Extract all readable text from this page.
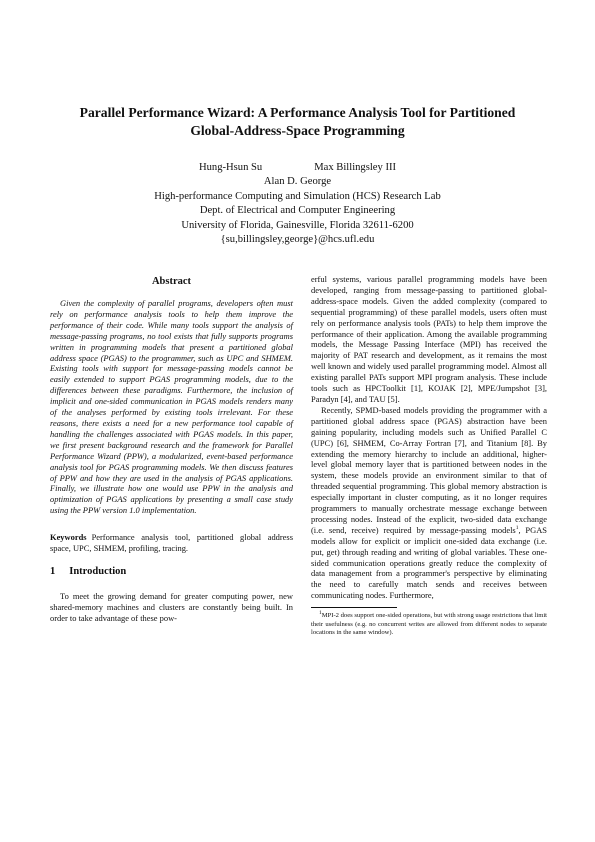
Parallel Performance Wizard: A Performance Analysis Tool for Partitioned
Global-Address-Space Programming
Hung-Hsun Su	Max Billingsley III
Alan D. George
High-performance Computing and Simulation (HCS) Research Lab
Dept. of Electrical and Computer Engineering
University of Florida, Gainesville, Florida 32611-6200
{su,billingsley,george}@hcs.ufl.edu
Abstract

Given the complexity of parallel programs, developers often must rely on performance analysis tools to help them improve the performance of their code. While many tools support the analysis of message-passing programs, no tool exists that fully supports programs written in programming models that present a partitioned global address space (PGAS) to the programmer, such as UPC and SHMEM. Existing tools with support for message-passing models cannot be easily extended to support PGAS programming models, due to the differences between these paradigms. Furthermore, the inclusion of implicit and one-sided communication in PGAS models renders many of the analyses performed by existing tools irrelevant. For these reasons, there exists a need for a new performance tool capable of handling the challenges associated with PGAS models. In this paper, we first present background research and the framework for Parallel Performance Wizard (PPW), a modularized, event-based performance analysis tool for PGAS programming models. We then discuss features of PPW and how they are used in the analysis of PGAS applications. Finally, we illustrate how one would use PPW in the analysis and optimization of PGAS applications by presenting a small case study using the PPW version 1.0 implementation.

Keywords Performance analysis tool, partitioned global address space, UPC, SHMEM, profiling, tracing.

1 Introduction

To meet the growing demand for greater computing power, new shared-memory machines and clusters are constantly being built. In order to take advantage of these pow-

erful systems, various parallel programming models have been developed, ranging from message-passing to partitioned global-address-space models. Given the added complexity (compared to sequential programming) of these parallel models, users often must rely on performance analysis tools (PATs) to help them improve the performance of their application. Among the available programming models, the Message Passing Interface (MPI) has received the majority of PAT research and development, as it remains the most well known and widely used parallel programming model. Almost all existing parallel PATs support MPI program analysis. These include tools such as HPCToolkit [1], KOJAK [2], MPE/Jumpshot [3], Paradyn [4], and TAU [5].

Recently, SPMD-based models providing the programmer with a partitioned global address space (PGAS) abstraction have been gaining popularity, including models such as Unified Parallel C (UPC) [6], SHMEM, Co-Array Fortran [7], and Titanium [8]. By extending the memory hierarchy to include an additional, higher-level global memory layer that is partitioned between nodes in the system, these models provide an environment similar to that of threaded sequential programming. This global memory abstraction is especially important in cluster computing, as it no longer requires programmers to manually orchestrate message exchange between processing nodes. Instead of the explicit, two-sided data exchange (i.e. send, receive) required by message-passing models$^1$, PGAS models allow for explicit or implicit one-sided data exchange (i.e. put, get) through reading and writing of global variables. These one-sided communication operations greatly reduce the complexity of data management from a programmer's perspective by eliminating the need to carefully match sends and receives between communicating nodes. Furthermore,

$^1$MPI-2 does support one-sided operations, but with strong usage restrictions that limit their usefulness (e.g. no concurrent writes are allowed from different nodes to separate locations in the same window).
